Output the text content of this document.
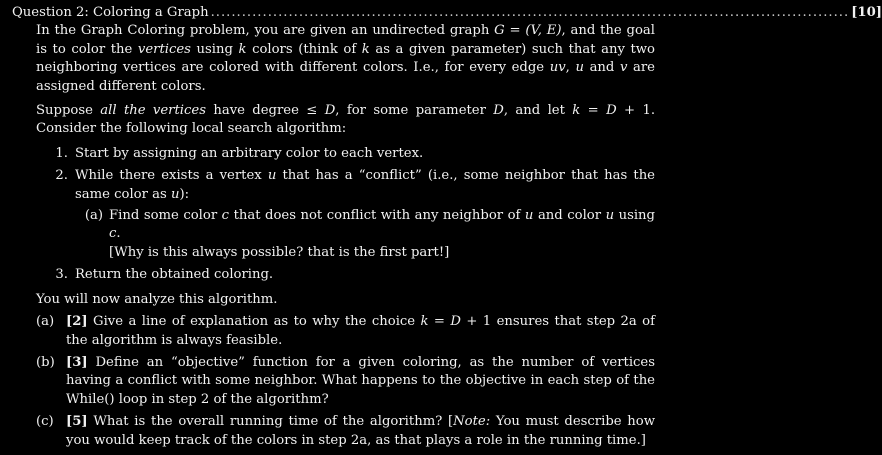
Question 2: Coloring a Graph ........................................................................................................................... [10]

In the Graph Coloring problem, you are given an undirected graph G = (V, E), and the goal is to color the vertices using k colors (think of k as a given parameter) such that any two neighboring vertices are colored with different colors. I.e., for every edge uv, u and v are assigned different colors.

Suppose all the vertices have degree ≤ D, for some parameter D, and let k = D + 1. Consider the following local search algorithm:

1. Start by assigning an arbitrary color to each vertex.
2. While there exists a vertex u that has a “conflict” (i.e., some neighbor that has the same color as u):
(a) Find some color c that does not conflict with any neighbor of u and color u using c.
[Why is this always possible? that is the first part!]
3. Return the obtained coloring.
You will now analyze this algorithm.
(a) [2] Give a line of explanation as to why the choice k = D + 1 ensures that step 2a of the algorithm is always feasible.
(b) [3] Define an “objective” function for a given coloring, as the number of vertices having a conflict with some neighbor. What happens to the objective in each step of the While() loop in step 2 of the algorithm?
(c) [5] What is the overall running time of the algorithm? [Note: You must describe how you would keep track of the colors in step 2a, as that plays a role in the running time.]
